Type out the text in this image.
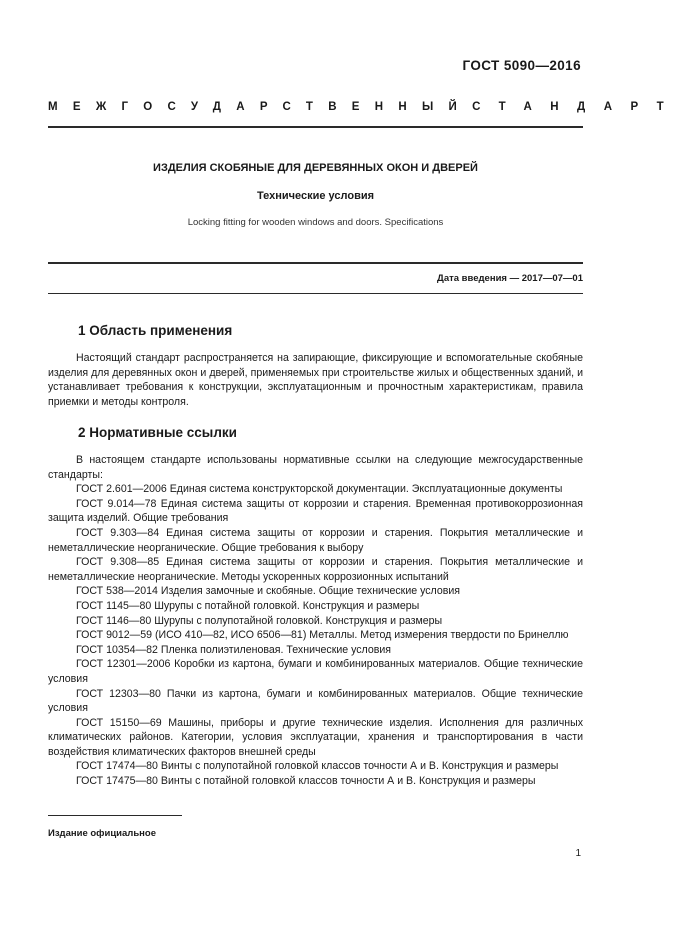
ГОСТ 5090—2016
МЕЖГОСУДАРСТВЕННЫЙ СТАНДАРТ
ИЗДЕЛИЯ СКОБЯНЫЕ ДЛЯ ДЕРЕВЯННЫХ ОКОН И ДВЕРЕЙ
Технические условия
Locking fitting for wooden windows and doors. Specifications
Дата введения — 2017—07—01
1 Область применения

Настоящий стандарт распространяется на запирающие, фиксирующие и вспомогательные скобяные изделия для деревянных окон и дверей, применяемых при строительстве жилых и общественных зданий, и устанавливает требования к конструкции, эксплуатационным и прочностным характеристикам, правила приемки и методы контроля.

2 Нормативные ссылки

В настоящем стандарте использованы нормативные ссылки на следующие межгосударственные стандарты:

ГОСТ 2.601—2006 Единая система конструкторской документации. Эксплуатационные документы

ГОСТ 9.014—78 Единая система защиты от коррозии и старения. Временная противокоррозионная защита изделий. Общие требования

ГОСТ 9.303—84 Единая система защиты от коррозии и старения. Покрытия металлические и неметаллические неорганические. Общие требования к выбору

ГОСТ 9.308—85 Единая система защиты от коррозии и старения. Покрытия металлические и неметаллические неорганические. Методы ускоренных коррозионных испытаний

ГОСТ 538—2014 Изделия замочные и скобяные. Общие технические условия

ГОСТ 1145—80 Шурупы с потайной головкой. Конструкция и размеры

ГОСТ 1146—80 Шурупы с полупотайной головкой. Конструкция и размеры

ГОСТ 9012—59 (ИСО 410—82, ИСО 6506—81) Металлы. Метод измерения твердости по Бринеллю

ГОСТ 10354—82 Пленка полиэтиленовая. Технические условия

ГОСТ 12301—2006 Коробки из картона, бумаги и комбинированных материалов. Общие технические условия

ГОСТ 12303—80 Пачки из картона, бумаги и комбинированных материалов. Общие технические условия

ГОСТ 15150—69 Машины, приборы и другие технические изделия. Исполнения для различных климатических районов. Категории, условия эксплуатации, хранения и транспортирования в части воздействия климатических факторов внешней среды

ГОСТ 17474—80 Винты с полупотайной головкой классов точности А и В. Конструкция и размеры

ГОСТ 17475—80 Винты с потайной головкой классов точности А и В. Конструкция и размеры

Издание официальное
1
